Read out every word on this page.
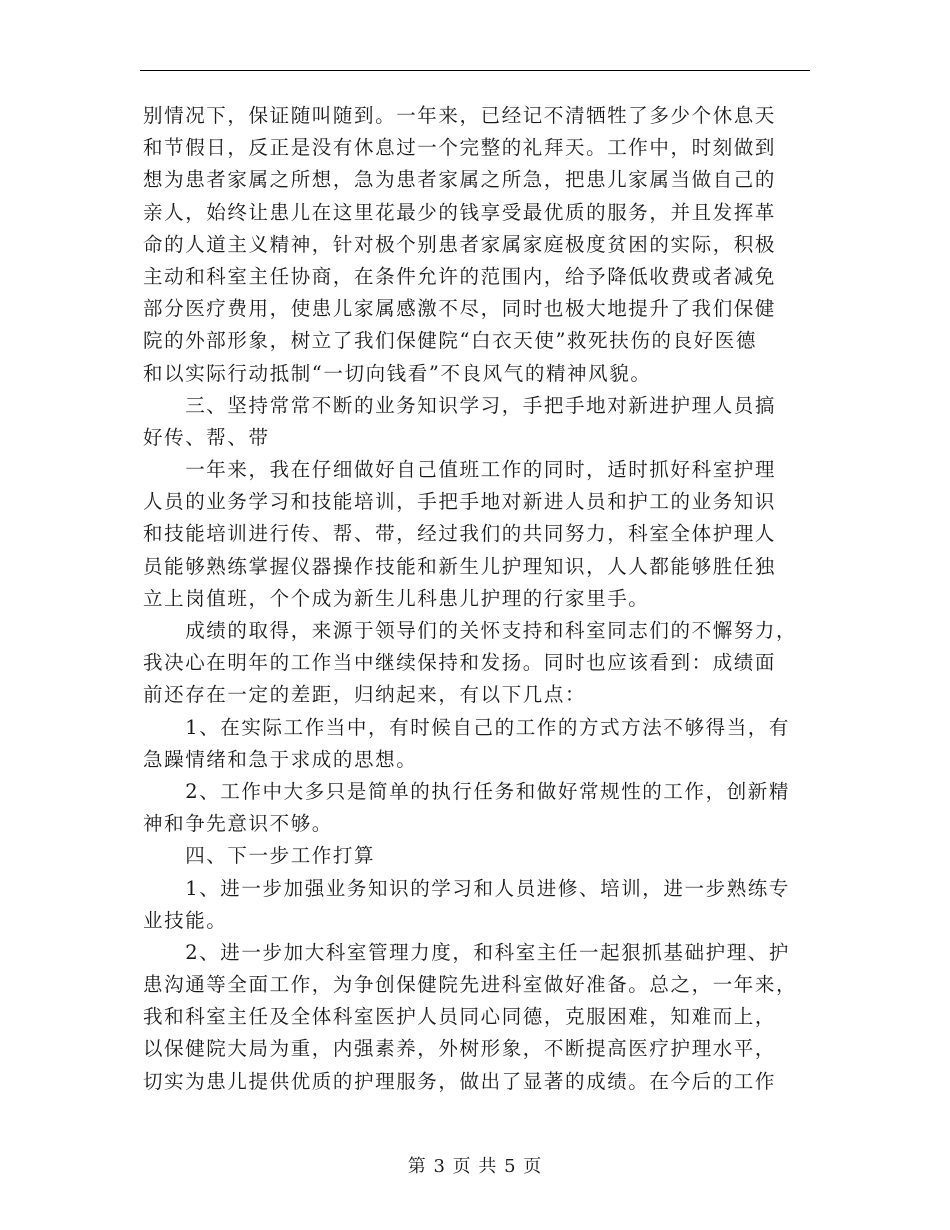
别情况下，保证随叫随到。一年来，已经记不清牺牲了多少个休息天
和节假日，反正是没有休息过一个完整的礼拜天。工作中，时刻做到
想为患者家属之所想，急为患者家属之所急，把患儿家属当做自己的
亲人，始终让患儿在这里花最少的钱享受最优质的服务，并且发挥革
命的人道主义精神，针对极个别患者家属家庭极度贫困的实际，积极
主动和科室主任协商，在条件允许的范围内，给予降低收费或者减免
部分医疗费用，使患儿家属感激不尽，同时也极大地提升了我们保健
院的外部形象，树立了我们保健院“白衣天使”救死扶伤的良好医德
和以实际行动抵制“一切向钱看”不良风气的精神风貌。
　　三、坚持常常不断的业务知识学习，手把手地对新进护理人员搞
好传、帮、带
　　一年来，我在仔细做好自己值班工作的同时，适时抓好科室护理
人员的业务学习和技能培训，手把手地对新进人员和护工的业务知识
和技能培训进行传、帮、带，经过我们的共同努力，科室全体护理人
员能够熟练掌握仪器操作技能和新生儿护理知识，人人都能够胜任独
立上岗值班，个个成为新生儿科患儿护理的行家里手。
　　成绩的取得，来源于领导们的关怀支持和科室同志们的不懈努力，
我决心在明年的工作当中继续保持和发扬。同时也应该看到：成绩面
前还存在一定的差距，归纳起来，有以下几点：
　　1、在实际工作当中，有时候自己的工作的方式方法不够得当，有
急躁情绪和急于求成的思想。
　　2、工作中大多只是简单的执行任务和做好常规性的工作，创新精
神和争先意识不够。
　　四、下一步工作打算
　　1、进一步加强业务知识的学习和人员进修、培训，进一步熟练专
业技能。
　　2、进一步加大科室管理力度，和科室主任一起狠抓基础护理、护
患沟通等全面工作，为争创保健院先进科室做好准备。总之，一年来，
我和科室主任及全体科室医护人员同心同德，克服困难，知难而上，
以保健院大局为重，内强素养，外树形象，不断提高医疗护理水平，
切实为患儿提供优质的护理服务，做出了显著的成绩。在今后的工作
第 3 页 共 5 页
